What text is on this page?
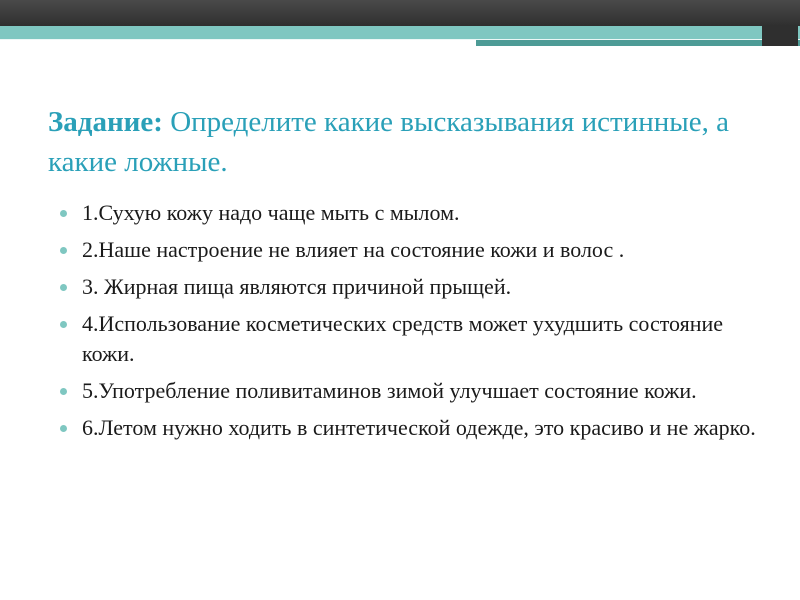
Задание: Определите какие высказывания истинные, а какие ложные.
1.Сухую кожу надо чаще мыть с мылом.
2.Наше настроение не влияет на состояние кожи и волос .
3. Жирная пища являются причиной прыщей.
4.Использование косметических средств может ухудшить состояние кожи.
5.Употребление поливитаминов зимой улучшает состояние кожи.
6.Летом нужно ходить в синтетической одежде, это красиво и не жарко.
